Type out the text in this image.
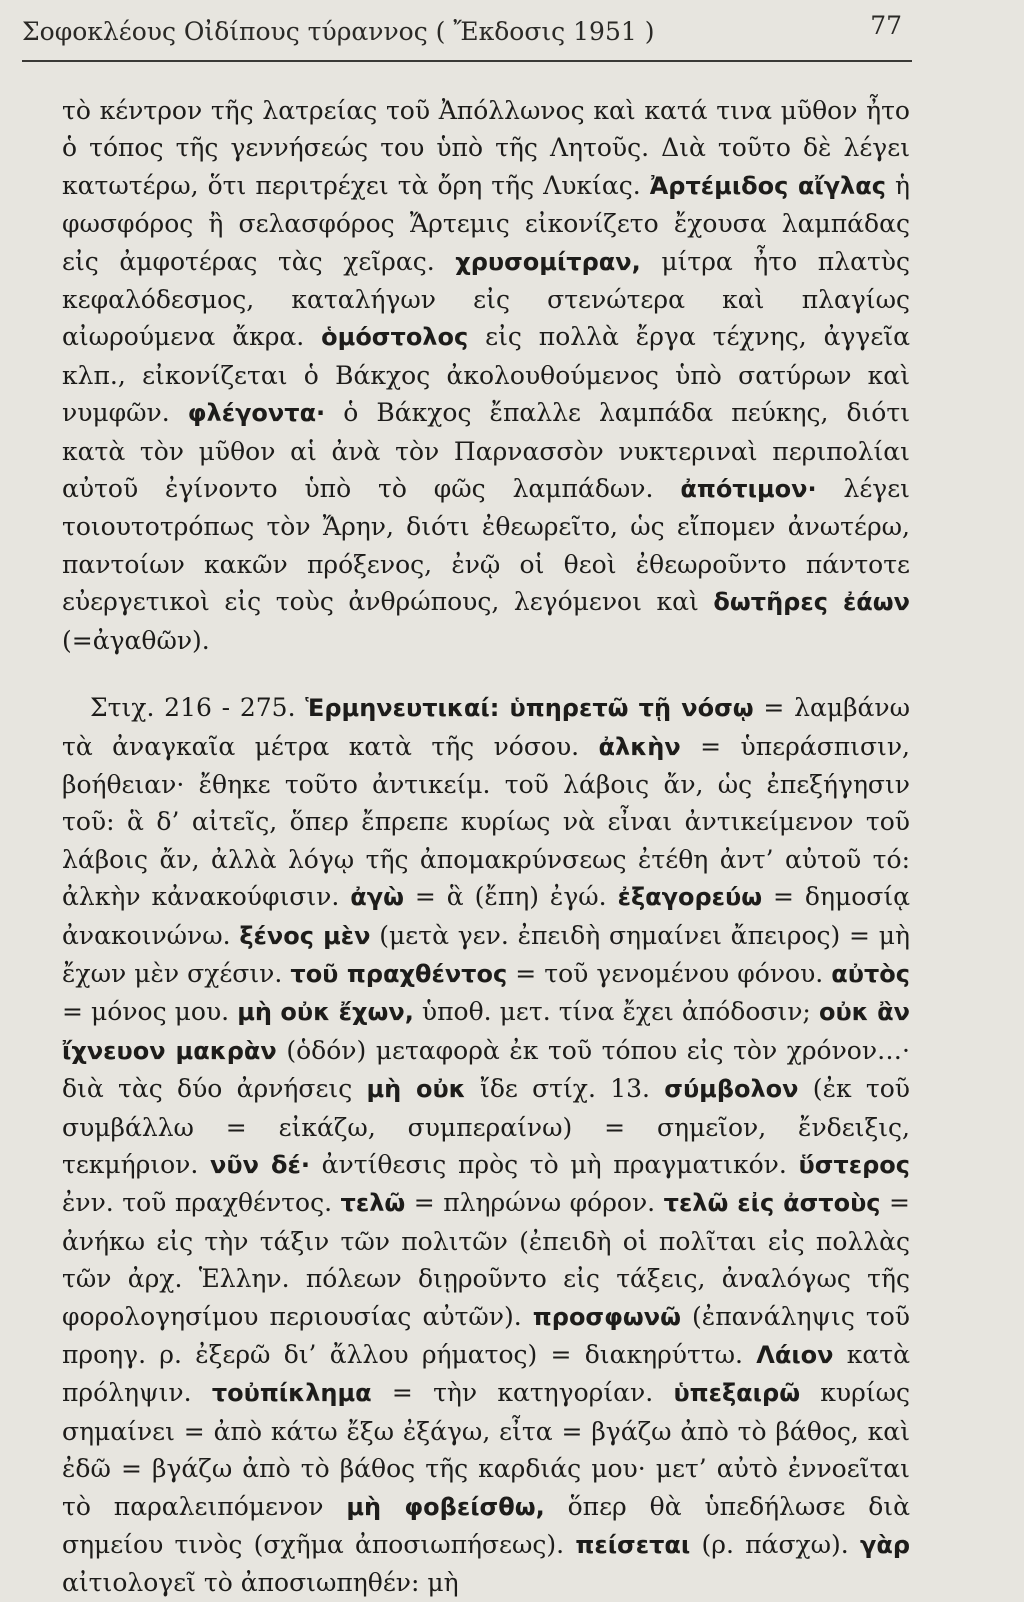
Σοφοκλέους Οἰδίπους τύραννος ( Ἔκδοσις 1951 )	77

τὸ κέντρον τῆς λατρείας τοῦ Ἀπόλλωνος καὶ κατά τινα μῦθον ἦτο ὁ τόπος τῆς γεννήσεώς του ὑπὸ τῆς Λητοῦς. Διὰ τοῦτο δὲ λέγει κατωτέρω, ὅτι περιτρέχει τὰ ὄρη τῆς Λυκίας. Ἀρτέμιδος αἴγλας ἡ φωσφόρος ἢ σελασφόρος Ἄρτεμις εἰκονίζετο ἔχουσα λαμπάδας εἰς ἀμφοτέρας τὰς χεῖρας. χρυσομίτραν, μίτρα ἦτο πλατὺς κεφαλόδεσμος, καταλήγων εἰς στενώτερα καὶ πλαγίως αἰωρούμενα ἄκρα. ὁμόστολος εἰς πολλὰ ἔργα τέχνης, ἀγγεῖα κλπ., εἰκονίζεται ὁ Βάκχος ἀκολουθούμενος ὑπὸ σατύρων καὶ νυμφῶν. φλέγοντα· ὁ Βάκχος ἔπαλλε λαμπάδα πεύκης, διότι κατὰ τὸν μῦθον αἱ ἀνὰ τὸν Παρνασσὸν νυκτεριναὶ περιπολίαι αὐτοῦ ἐγίνοντο ὑπὸ τὸ φῶς λαμπάδων. ἀπότιμον· λέγει τοιουτοτρόπως τὸν Ἄρην, διότι ἐθεωρεῖτο, ὡς εἴπομεν ἀνωτέρω, παντοίων κακῶν πρόξενος, ἐνῷ οἱ θεοὶ ἐθεωροῦντο πάντοτε εὐεργετικοὶ εἰς τοὺς ἀνθρώπους, λεγόμενοι καὶ δωτῆρες ἐάων (=ἀγαθῶν).

Στιχ. 216 - 275. Ἑρμηνευτικαί: ὑπηρετῶ τῇ νόσῳ = λαμβάνω τὰ ἀναγκαῖα μέτρα κατὰ τῆς νόσου. ἀλκὴν = ὑπεράσπισιν, βοήθειαν· ἔθηκε τοῦτο ἀντικείμ. τοῦ λάβοις ἄν, ὡς ἐπεξήγησιν τοῦ: ἃ δ’ αἰτεῖς, ὅπερ ἔπρεπε κυρίως νὰ εἶναι ἀντικείμενον τοῦ λάβοις ἄν, ἀλλὰ λόγῳ τῆς ἀπομακρύνσεως ἐτέθη ἀντ’ αὐτοῦ τό: ἀλκὴν κἀνακούφισιν. ἀγὼ = ἃ (ἔπη) ἐγώ. ἐξαγορεύω = δημοσίᾳ ἀνακοινώνω. ξένος μὲν (μετὰ γεν. ἐπειδὴ σημαίνει ἄπειρος) = μὴ ἔχων μὲν σχέσιν. τοῦ πραχθέντος = τοῦ γενομένου φόνου. αὐτὸς = μόνος μου. μὴ οὐκ ἔχων, ὑποθ. μετ. τίνα ἔχει ἀπόδοσιν; οὐκ ἂν ἴχνευον μακρὰν (ὁδόν) μεταφορὰ ἐκ τοῦ τόπου εἰς τὸν χρόνον…· διὰ τὰς δύο ἀρνήσεις μὴ οὐκ ἴδε στίχ. 13. σύμβολον (ἐκ τοῦ συμβάλλω = εἰκάζω, συμπεραίνω) = σημεῖον, ἔνδειξις, τεκμήριον. νῦν δέ· ἀντίθεσις πρὸς τὸ μὴ πραγματικόν. ὕστερος ἐνν. τοῦ πραχθέντος. τελῶ = πληρώνω φόρον. τελῶ εἰς ἀστοὺς = ἀνήκω εἰς τὴν τάξιν τῶν πολιτῶν (ἐπειδὴ οἱ πολῖται εἰς πολλὰς τῶν ἀρχ. Ἑλλην. πόλεων διῃροῦντο εἰς τάξεις, ἀναλόγως τῆς φορολογησίμου περιουσίας αὐτῶν). προσφωνῶ (ἐπανάληψις τοῦ προηγ. ρ. ἐξερῶ δι’ ἄλλου ρήματος) = διακηρύττω. Λάιον κατὰ πρόληψιν. τοὐπίκλημα = τὴν κατηγορίαν. ὑπεξαιρῶ κυρίως σημαίνει = ἀπὸ κάτω ἔξω ἐξάγω, εἶτα = βγάζω ἀπὸ τὸ βάθος, καὶ ἐδῶ = βγάζω ἀπὸ τὸ βάθος τῆς καρδιάς μου· μετ’ αὐτὸ ἐννοεῖται τὸ παραλειπόμενον μὴ φοβείσθω, ὅπερ θὰ ὑπεδήλωσε διὰ σημείου τινὸς (σχῆμα ἀποσιωπήσεως). πείσεται (ρ. πάσχω). γὰρ αἰτιολογεῖ τὸ ἀποσιωπηθέν: μὴ
